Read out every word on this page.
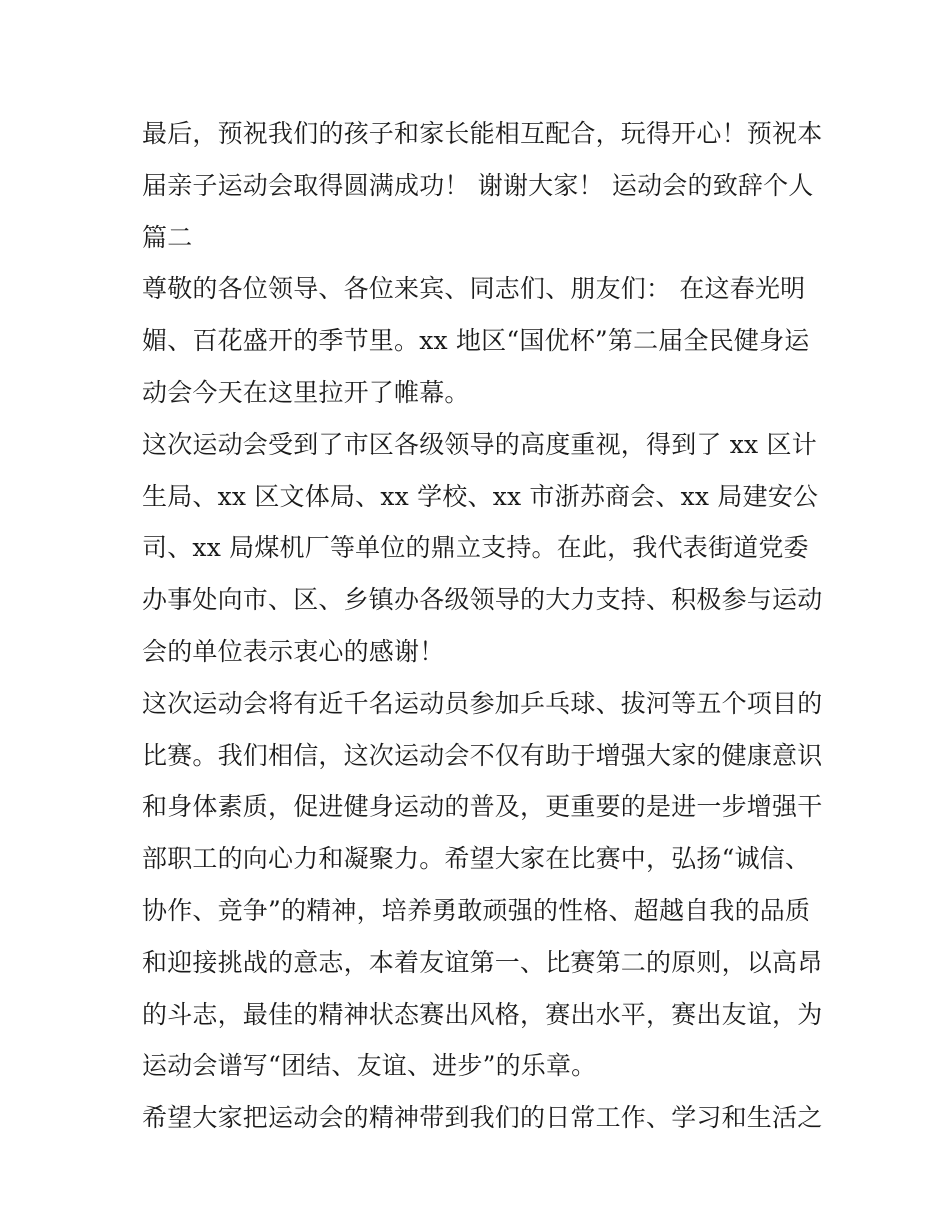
最后，预祝我们的孩子和家长能相互配合，玩得开心！预祝本
届亲子运动会取得圆满成功！ 谢谢大家！ 运动会的致辞个人
篇二
尊敬的各位领导、各位来宾、同志们、朋友们： 在这春光明
媚、百花盛开的季节里。xx 地区“国优杯”第二届全民健身运
动会今天在这里拉开了帷幕。
这次运动会受到了市区各级领导的高度重视，得到了 xx 区计
生局、xx 区文体局、xx 学校、xx 市浙苏商会、xx 局建安公
司、xx 局煤机厂等单位的鼎立支持。在此，我代表街道党委
办事处向市、区、乡镇办各级领导的大力支持、积极参与运动
会的单位表示衷心的感谢！
这次运动会将有近千名运动员参加乒乓球、拔河等五个项目的
比赛。我们相信，这次运动会不仅有助于增强大家的健康意识
和身体素质，促进健身运动的普及，更重要的是进一步增强干
部职工的向心力和凝聚力。希望大家在比赛中，弘扬“诚信、
协作、竞争”的精神，培养勇敢顽强的性格、超越自我的品质
和迎接挑战的意志，本着友谊第一、比赛第二的原则，以高昂
的斗志，最佳的精神状态赛出风格，赛出水平，赛出友谊，为
运动会谱写“团结、友谊、进步”的乐章。
希望大家把运动会的精神带到我们的日常工作、学习和生活之
